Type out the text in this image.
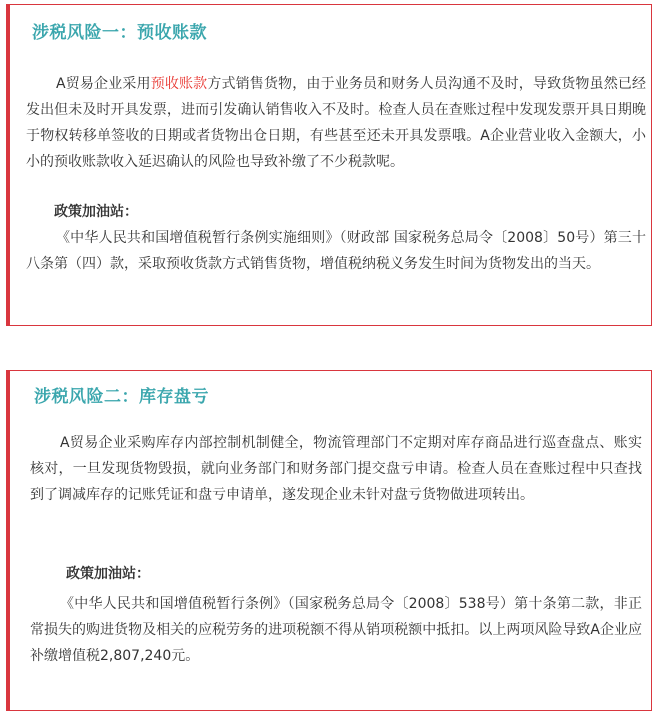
涉税风险一：预收账款

A贸易企业采用预收账款方式销售货物，由于业务员和财务人员沟通不及时，导致货物虽然已经发出但未及时开具发票，进而引发确认销售收入不及时。检查人员在查账过程中发现发票开具日期晚于物权转移单签收的日期或者货物出仓日期，有些甚至还未开具发票哦。A企业营业收入金额大，小小的预收账款收入延迟确认的风险也导致补缴了不少税款呢。

政策加油站：

《中华人民共和国增值税暂行条例实施细则》（财政部 国家税务总局令〔2008〕50号）第三十八条第（四）款，采取预收货款方式销售货物，增值税纳税义务发生时间为货物发出的当天。

涉税风险二：库存盘亏

A贸易企业采购库存内部控制机制健全，物流管理部门不定期对库存商品进行巡查盘点、账实核对，一旦发现货物毁损，就向业务部门和财务部门提交盘亏申请。检查人员在查账过程中只查找到了调减库存的记账凭证和盘亏申请单，遂发现企业未针对盘亏货物做进项转出。

政策加油站：

《中华人民共和国增值税暂行条例》（国家税务总局令〔2008〕538号）第十条第二款，非正常损失的购进货物及相关的应税劳务的进项税额不得从销项税额中抵扣。以上两项风险导致A企业应补缴增值税2,807,240元。
